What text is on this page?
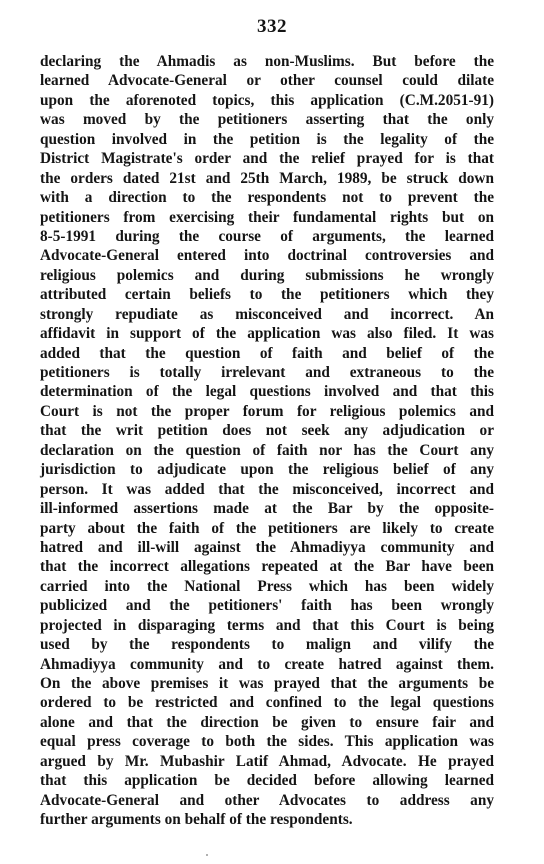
332
declaring the Ahmadis as non-Muslims. But before the
learned Advocate-General or other counsel could dilate
upon the aforenoted topics, this application (C.M.2051-91)
was moved by the petitioners asserting that the only
question involved in the petition is the legality of the
District Magistrate's order and the relief prayed for is that
the orders dated 21st and 25th March, 1989, be struck down
with a direction to the respondents not to prevent the
petitioners from exercising their fundamental rights but on
8-5-1991 during the course of arguments, the learned
Advocate-General entered into doctrinal controversies and
religious polemics and during submissions he wrongly
attributed certain beliefs to the petitioners which they
strongly repudiate as misconceived and incorrect. An
affidavit in support of the application was also filed. It was
added that the question of faith and belief of the
petitioners is totally irrelevant and extraneous to the
determination of the legal questions involved and that this
Court is not the proper forum for religious polemics and
that the writ petition does not seek any adjudication or
declaration on the question of faith nor has the Court any
jurisdiction to adjudicate upon the religious belief of any
person. It was added that the misconceived, incorrect and
ill-informed assertions made at the Bar by the opposite-
party about the faith of the petitioners are likely to create
hatred and ill-will against the Ahmadiyya community and
that the incorrect allegations repeated at the Bar have been
carried into the National Press which has been widely
publicized and the petitioners' faith has been wrongly
projected in disparaging terms and that this Court is being
used by the respondents to malign and vilify the
Ahmadiyya community and to create hatred against them.
On the above premises it was prayed that the arguments be
ordered to be restricted and confined to the legal questions
alone and that the direction be given to ensure fair and
equal press coverage to both the sides. This application was
argued by Mr. Mubashir Latif Ahmad, Advocate. He prayed
that this application be decided before allowing learned
Advocate-General and other Advocates to address any
further arguments on behalf of the respondents.
